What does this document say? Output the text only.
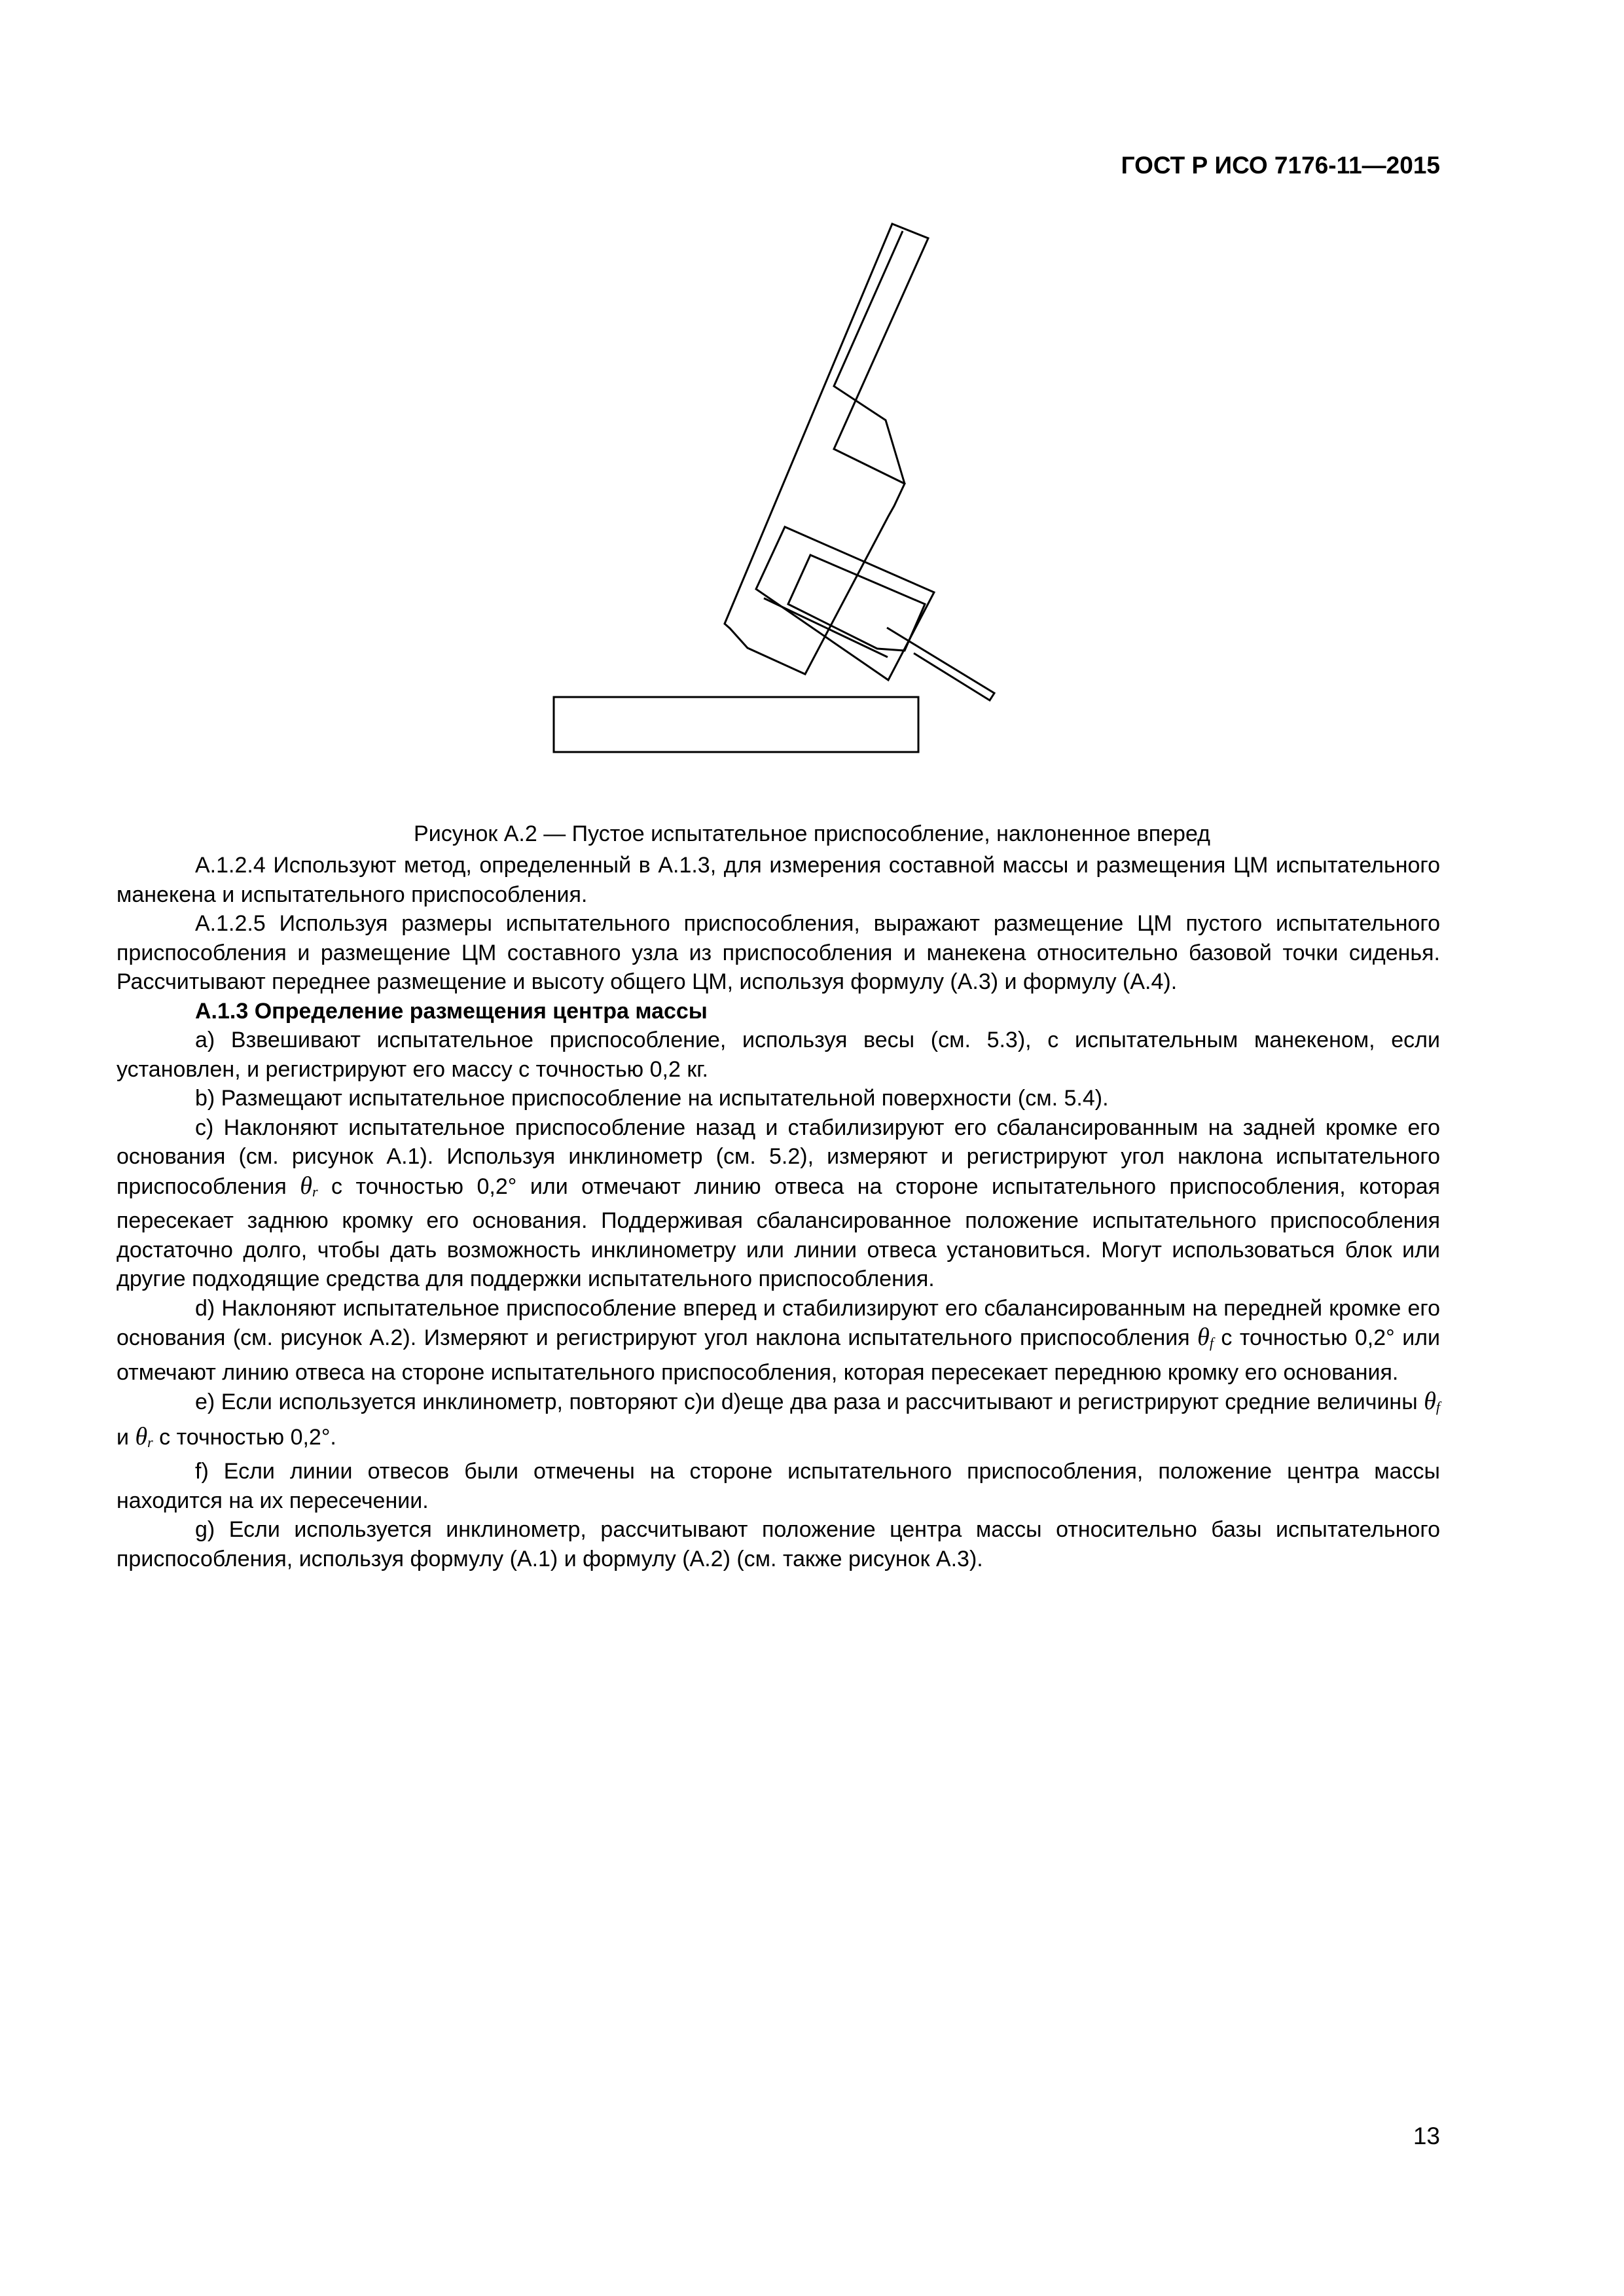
ГОСТ Р ИСО 7176-11—2015
Рисунок А.2 — Пустое испытательное приспособление, наклоненное вперед

А.1.2.4 Используют метод, определенный в А.1.3, для измерения составной массы и размещения ЦМ испытательного манекена и испытательного приспособления.

А.1.2.5 Используя размеры испытательного приспособления, выражают размещение ЦМ пустого испытательного приспособления и размещение ЦМ составного узла из приспособления и манекена относительно базовой точки сиденья. Рассчитывают переднее размещение и высоту общего ЦМ, используя формулу (А.3) и формулу (А.4).

А.1.3 Определение размещения центра массы

а) Взвешивают испытательное приспособление, используя весы (см. 5.3), с испытательным манекеном, если установлен, и регистрируют его массу с точностью 0,2 кг.

b) Размещают испытательное приспособление на испытательной поверхности (см. 5.4).

с) Наклоняют испытательное приспособление назад и стабилизируют его сбалансированным на задней кромке его основания (см. рисунок А.1). Используя инклинометр (см. 5.2), измеряют и регистрируют угол наклона испытательного приспособления θr с точностью 0,2° или отмечают линию отвеса на стороне испытательного приспособления, которая пересекает заднюю кромку его основания. Поддерживая сбалансированное положение испытательного приспособления достаточно долго, чтобы дать возможность инклинометру или линии отвеса установиться. Могут использоваться блок или другие подходящие средства для поддержки испытательного приспособления.

d) Наклоняют испытательное приспособление вперед и стабилизируют его сбалансированным на передней кромке его основания (см. рисунок А.2). Измеряют и регистрируют угол наклона испытательного приспособления θf с точностью 0,2° или отмечают линию отвеса на стороне испытательного приспособления, которая пересекает переднюю кромку его основания.

е) Если используется инклинометр, повторяют с)и d)еще два раза и рассчитывают и регистрируют средние величины θf и θr с точностью 0,2°.

f) Если линии отвесов были отмечены на стороне испытательного приспособления, положение центра массы находится на их пересечении.

g) Если используется инклинометр, рассчитывают положение центра массы относительно базы испытательного приспособления, используя формулу (А.1) и формулу (А.2) (см. также рисунок А.3).

13
